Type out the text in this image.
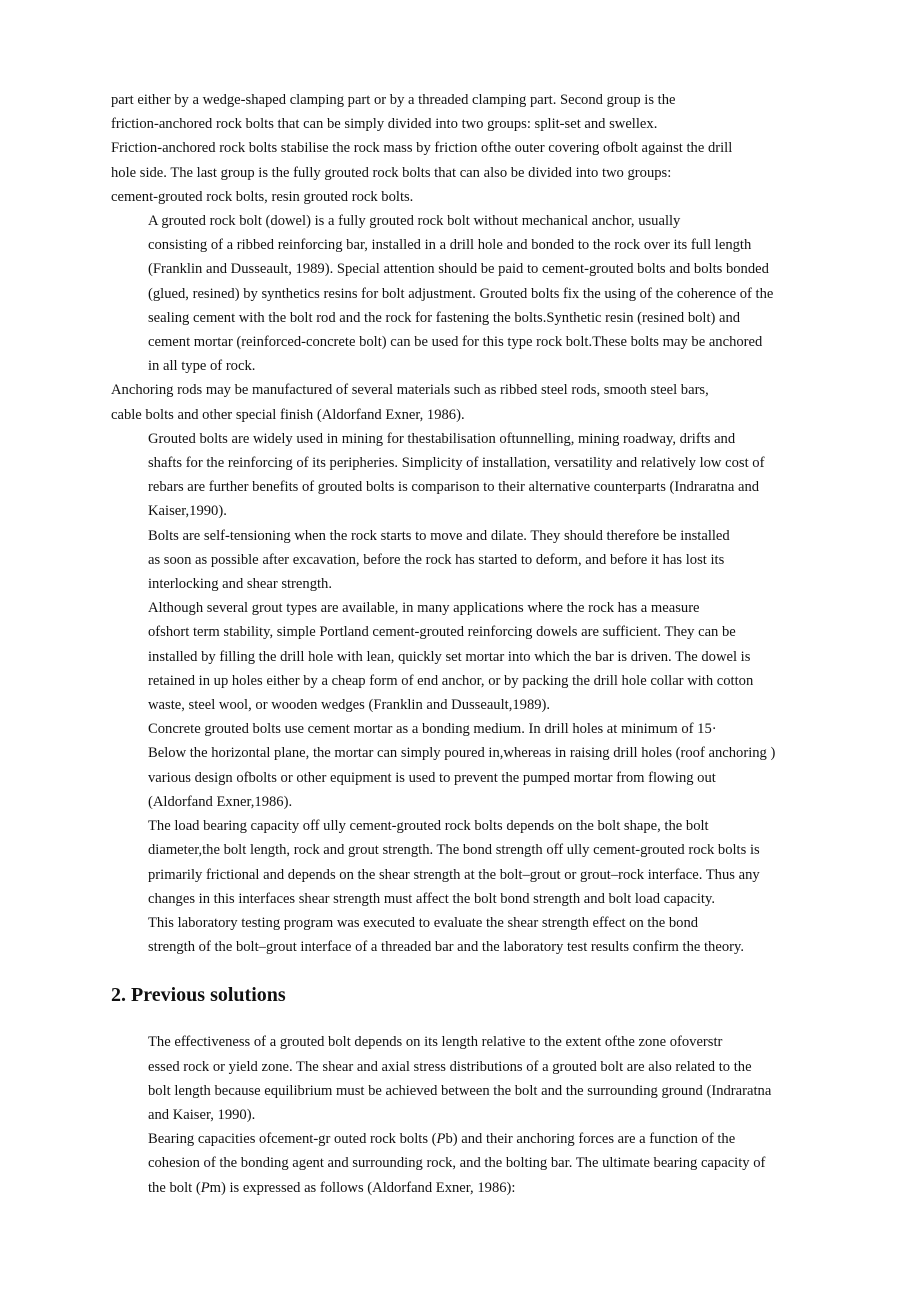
part either by a wedge-shaped clamping part or by a threaded clamping part. Second group is the
friction-anchored rock bolts that can be simply divided into two groups: split-set and swellex.
Friction-anchored rock bolts stabilise the rock mass by friction ofthe outer covering ofbolt against the drill
hole side. The last group is the fully grouted rock bolts that can also be divided into two groups:
cement-grouted rock bolts, resin grouted rock bolts.

A grouted rock bolt (dowel) is a fully grouted rock bolt without mechanical anchor, usually
consisting of a ribbed reinforcing bar, installed in a drill hole and bonded to the rock over its full length
(Franklin and Dusseault, 1989). Special attention should be paid to cement-grouted bolts and bolts bonded
(glued, resined) by synthetics resins for bolt adjustment. Grouted bolts fix the using of the coherence of the
sealing cement with the bolt rod and the rock for fastening the bolts.Synthetic resin (resined bolt) and
cement mortar (reinforced-concrete bolt) can be used for this type rock bolt.These bolts may be anchored
in all type of rock.

Anchoring rods may be manufactured of several materials such as ribbed steel rods, smooth steel bars,
cable bolts and other special finish (Aldorfand Exner, 1986).

Grouted bolts are widely used in mining for thestabilisation oftunnelling, mining roadway, drifts and
shafts for the reinforcing of its peripheries. Simplicity of installation, versatility and relatively low cost of
rebars are further benefits of grouted bolts is comparison to their alternative counterparts (Indraratna and
Kaiser,1990).

Bolts are self-tensioning when the rock starts to move and dilate. They should therefore be installed
as soon as possible after excavation, before the rock has started to deform, and before it has lost its
interlocking and shear strength.

Although several grout types are available, in many applications where the rock has a measure
ofshort term stability, simple Portland cement-grouted reinforcing dowels are sufficient. They can be
installed by filling the drill hole with lean, quickly set mortar into which the bar is driven. The dowel is
retained in up holes either by a cheap form of end anchor, or by packing the drill hole collar with cotton
waste, steel wool, or wooden wedges (Franklin and Dusseault,1989).

Concrete grouted bolts use cement mortar as a bonding medium. In drill holes at minimum of 15·
Below the horizontal plane, the mortar can simply poured in,whereas in raising drill holes (roof anchoring )
various design ofbolts or other equipment is used to prevent the pumped mortar from flowing out
(Aldorfand Exner,1986).

The load bearing capacity off ully cement-grouted rock bolts depends on the bolt shape, the bolt
diameter,the bolt length, rock and grout strength. The bond strength off ully cement-grouted rock bolts is
primarily frictional and depends on the shear strength at the bolt–grout or grout–rock interface. Thus any
changes in this interfaces shear strength must affect the bolt bond strength and bolt load capacity.

This laboratory testing program was executed to evaluate the shear strength effect on the bond
strength of the bolt–grout interface of a threaded bar and the laboratory test results confirm the theory.

2. Previous solutions

The effectiveness of a grouted bolt depends on its length relative to the extent ofthe zone ofoverstr
essed rock or yield zone. The shear and axial stress distributions of a grouted bolt are also related to the
bolt length because equilibrium must be achieved between the bolt and the surrounding ground (Indraratna
and Kaiser, 1990).

Bearing capacities ofcement-gr outed rock bolts (Pb) and their anchoring forces are a function of the
cohesion of the bonding agent and surrounding rock, and the bolting bar. The ultimate bearing capacity of
the bolt (Pm) is expressed as follows (Aldorfand Exner, 1986):
